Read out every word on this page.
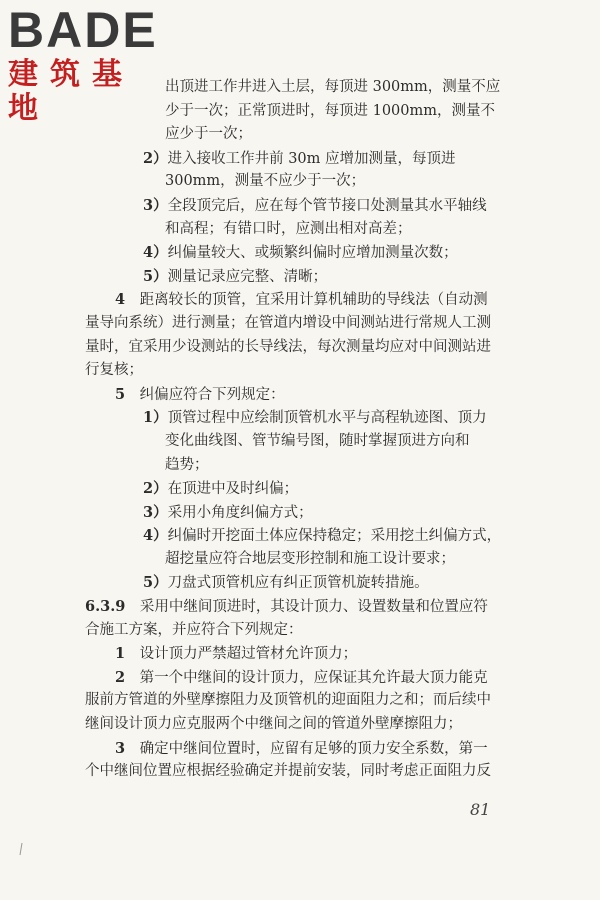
BADE
建筑基地
出顶进工作井进入土层，每顶进 300mm，测量不应
少于一次；正常顶进时，每顶进 1000mm，测量不
应少于一次；
2）进入接收工作井前 30m 应增加测量，每顶进
300mm，测量不应少于一次；
3）全段顶完后，应在每个管节接口处测量其水平轴线
和高程；有错口时，应测出相对高差；
4）纠偏量较大、或频繁纠偏时应增加测量次数；
5）测量记录应完整、清晰；
4　距离较长的顶管，宜采用计算机辅助的导线法（自动测
量导向系统）进行测量；在管道内增设中间测站进行常规人工测
量时，宜采用少设测站的长导线法，每次测量均应对中间测站进
行复核；
5　纠偏应符合下列规定：
1）顶管过程中应绘制顶管机水平与高程轨迹图、顶力
变化曲线图、管节编号图，随时掌握顶进方向和
趋势；
2）在顶进中及时纠偏；
3）采用小角度纠偏方式；
4）纠偏时开挖面土体应保持稳定；采用挖土纠偏方式，
超挖量应符合地层变形控制和施工设计要求；
5）刀盘式顶管机应有纠正顶管机旋转措施。
6.3.9　采用中继间顶进时，其设计顶力、设置数量和位置应符
合施工方案，并应符合下列规定：
1　设计顶力严禁超过管材允许顶力；
2　第一个中继间的设计顶力，应保证其允许最大顶力能克
服前方管道的外壁摩擦阻力及顶管机的迎面阻力之和；而后续中
继间设计顶力应克服两个中继间之间的管道外壁摩擦阻力；
3　确定中继间位置时，应留有足够的顶力安全系数，第一
个中继间位置应根据经验确定并提前安装，同时考虑正面阻力反
81
